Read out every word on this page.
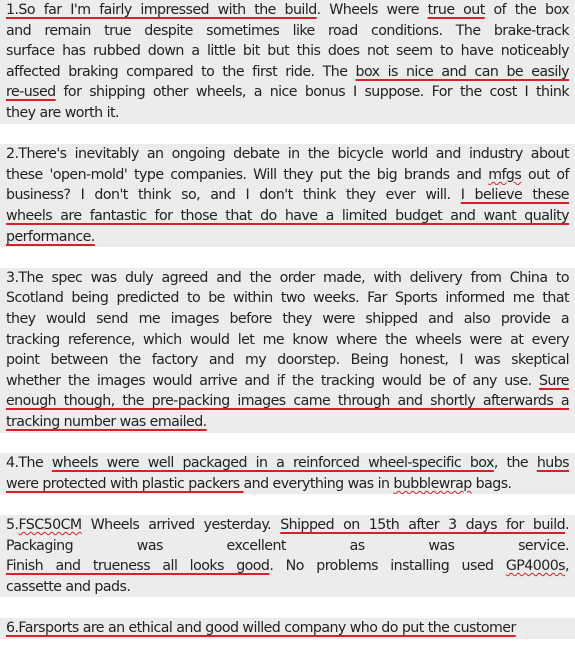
1.So far I'm fairly impressed with the build. Wheels were true out of the box
and remain true despite sometimes like road conditions. The brake-track
surface has rubbed down a little bit but this does not seem to have noticeably
affected braking compared to the first ride. The box is nice and can be easily
re-used for shipping other wheels, a nice bonus I suppose. For the cost I think
they are worth it.
2.There's inevitably an ongoing debate in the bicycle world and industry about
these 'open-mold' type companies. Will they put the big brands and mfgs out of
business? I don't think so, and I don't think they ever will. I believe these
wheels are fantastic for those that do have a limited budget and want quality
performance.
3.The spec was duly agreed and the order made, with delivery from China to
Scotland being predicted to be within two weeks. Far Sports informed me that
they would send me images before they were shipped and also provide a
tracking reference, which would let me know where the wheels were at every
point between the factory and my doorstep. Being honest, I was skeptical
whether the images would arrive and if the tracking would be of any use. Sure
enough though, the pre-packing images came through and shortly afterwards a
tracking number was emailed.
4.The wheels were well packaged in a reinforced wheel-specific box, the hubs
were protected with plastic packers and everything was in bubblewrap bags.
5.FSC50CM Wheels arrived yesterday. Shipped on 15th after 3 days for build.
Packaging was excellent as was service.
Finish and trueness all looks good. No problems installing used GP4000s,
cassette and pads.
6.Farsports are an ethical and good willed company who do put the customer
